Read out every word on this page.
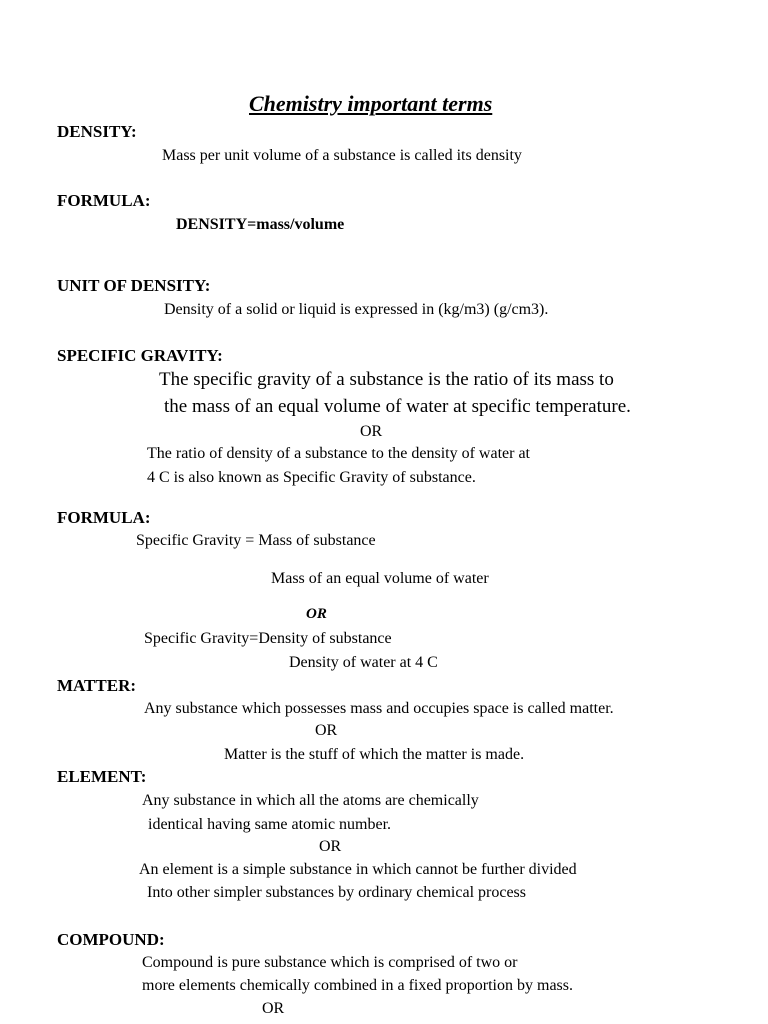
Chemistry important terms
DENSITY:
Mass per unit volume of a substance is called its density
FORMULA:
DENSITY=mass/volume
UNIT OF DENSITY:
Density of a solid or liquid is expressed in (kg/m3) (g/cm3).
SPECIFIC GRAVITY:
The specific gravity of a substance is the ratio of its mass to
the mass of an equal volume of water at specific temperature.
OR
The ratio of density of a substance to the density of water at
4 C is also known as Specific Gravity of substance.
FORMULA:
Specific Gravity = Mass of substance
Mass of an equal volume of water
OR
Specific Gravity=Density of substance
Density of water at 4 C
MATTER:
Any substance which possesses mass and occupies space is called matter.
OR
Matter is the stuff of which the matter is made.
ELEMENT:
Any substance in which all the atoms are chemically
identical having same atomic number.
OR
An element is a simple substance in which cannot be further divided
Into other simpler substances by ordinary chemical process
COMPOUND:
Compound is pure substance which is comprised of two or
more elements chemically combined in a fixed proportion by mass.
OR
